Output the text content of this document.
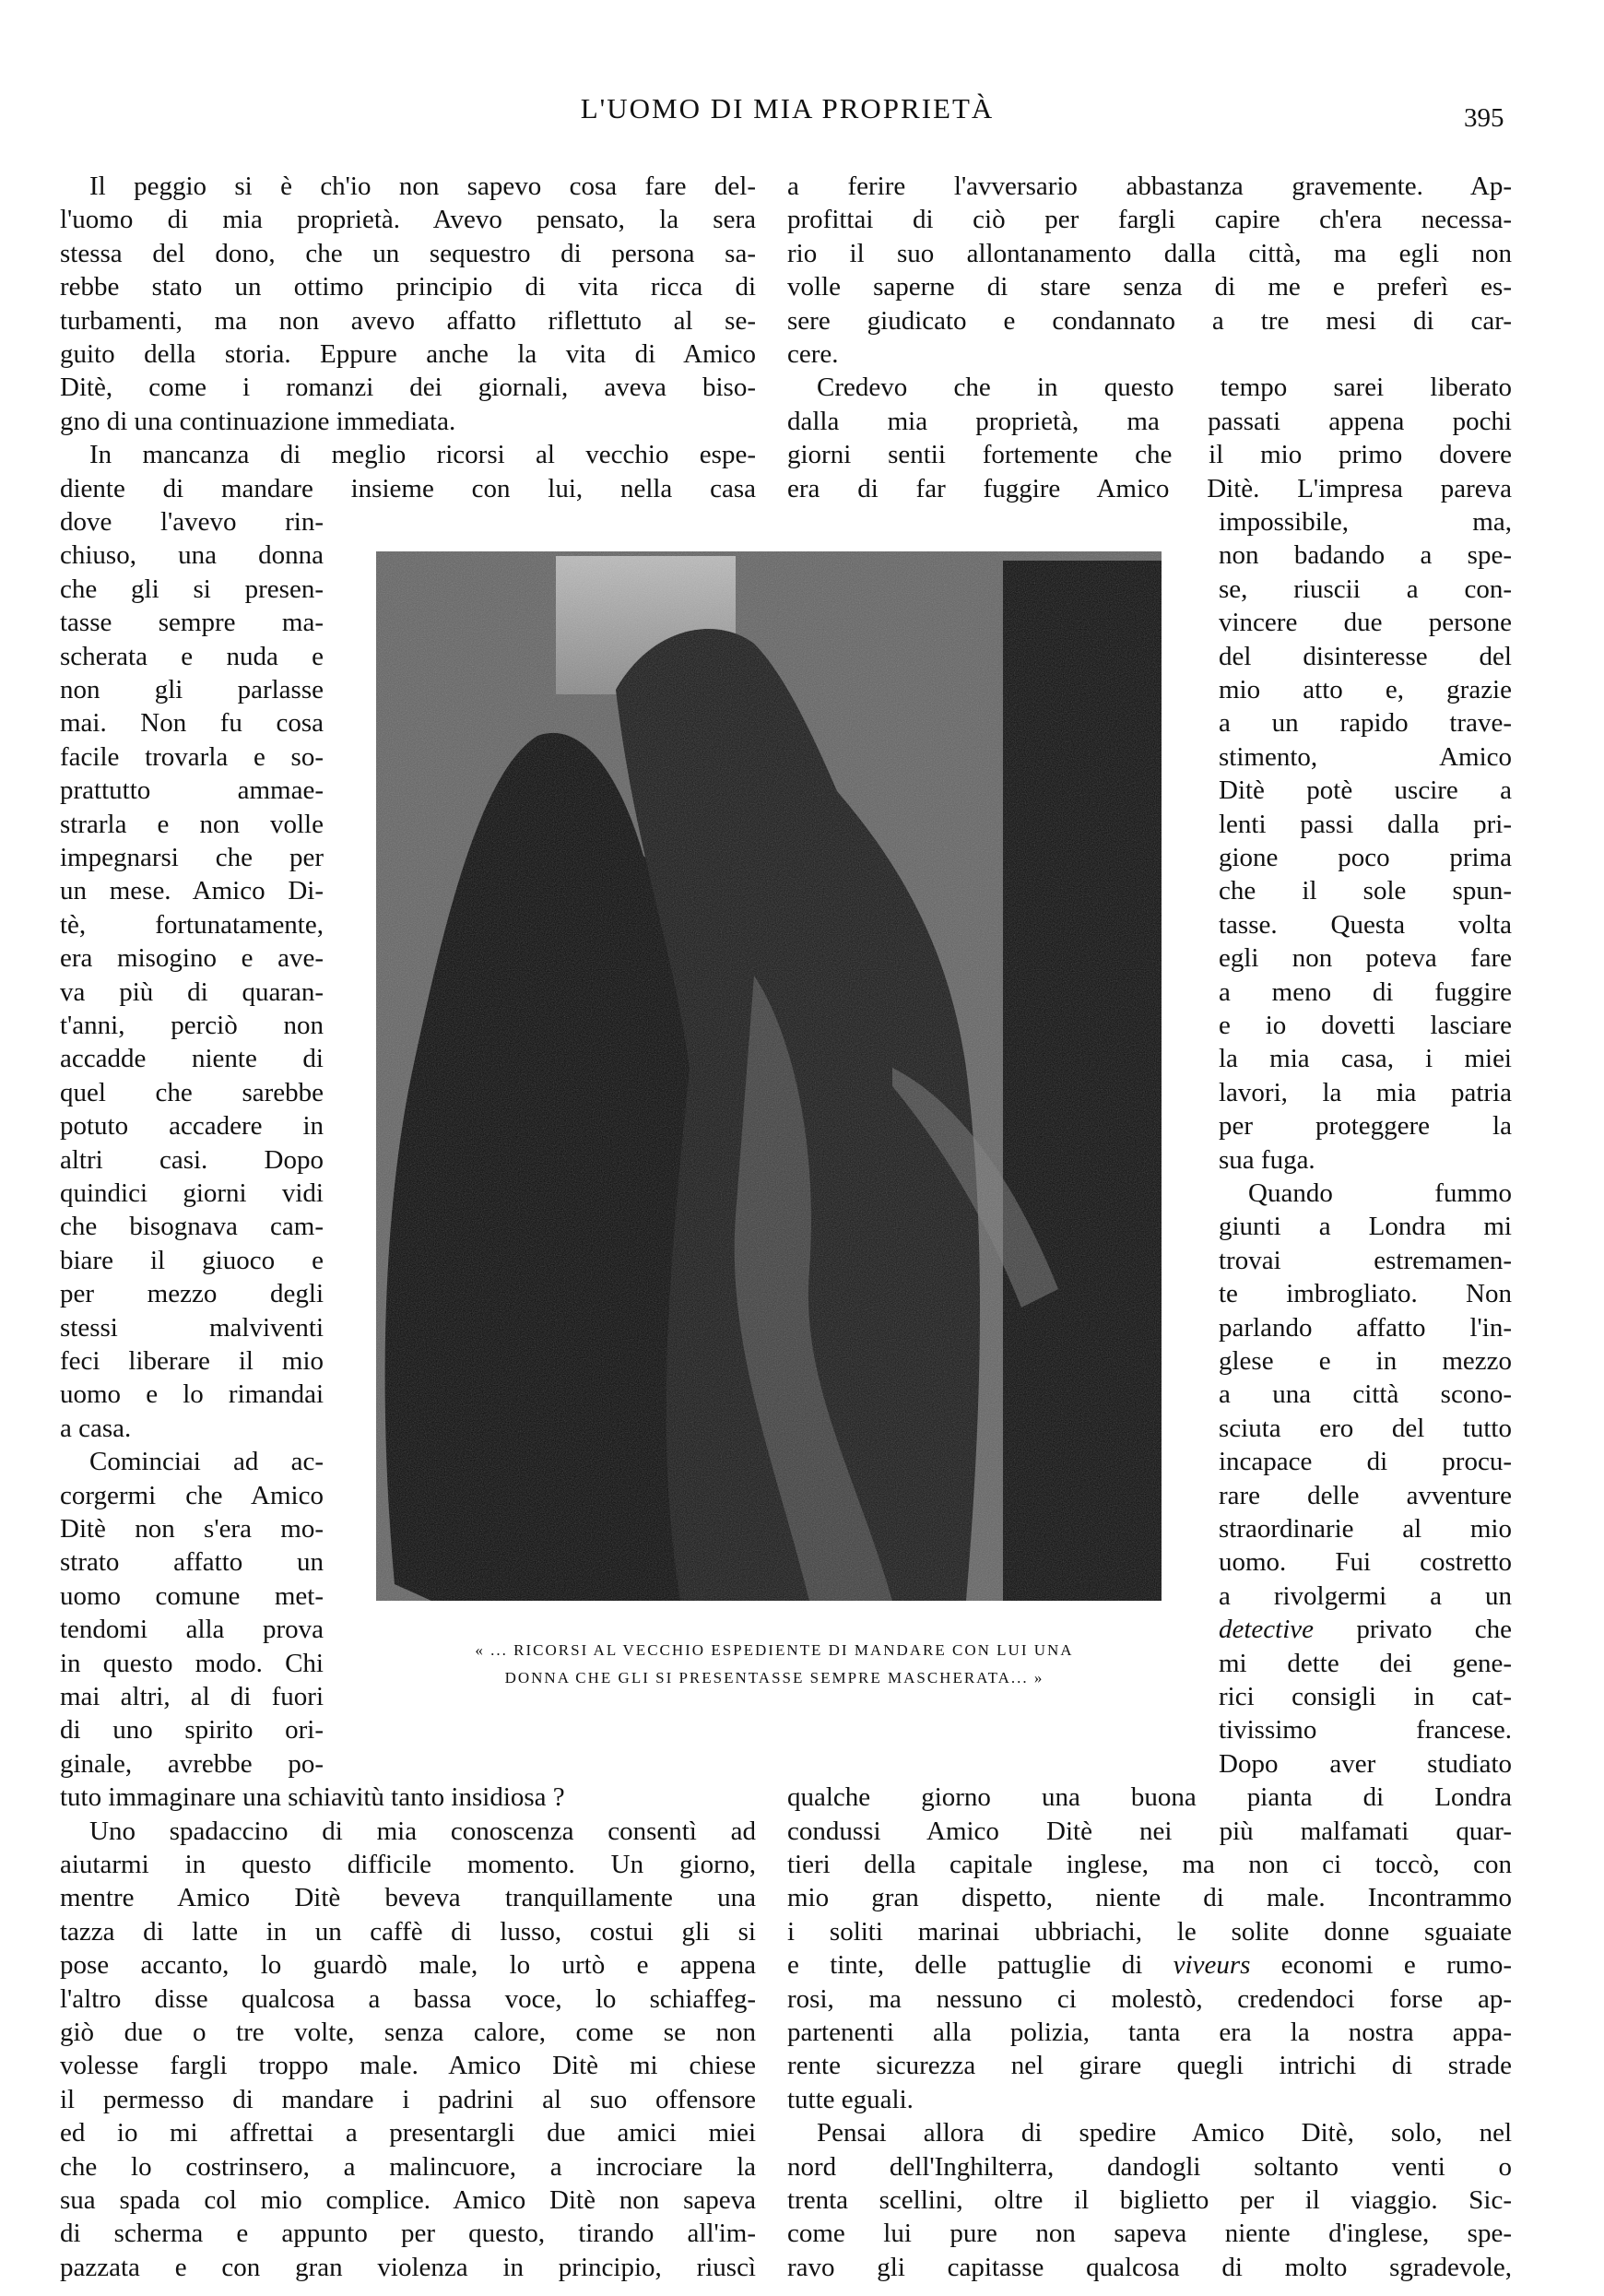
L'UOMO DI MIA PROPRIETÀ	395
Il peggio si è ch'io non sapevo cosa fare del-
l'uomo di mia proprietà. Avevo pensato, la sera
stessa del dono, che un sequestro di persona sa-
rebbe stato un ottimo principio di vita ricca di
turbamenti, ma non avevo affatto riflettuto al se-
guito della storia. Eppure anche la vita di Amico
Ditè, come i romanzi dei giornali, aveva biso-
gno di una continuazione immediata.
In mancanza di meglio ricorsi al vecchio espe-
diente di mandare insieme con lui, nella casa
dove l'avevo rin-
chiuso, una donna
che gli si presen-
tasse sempre ma-
scherata e nuda e
non gli parlasse
mai. Non fu cosa
facile trovarla e so-
prattutto ammae-
strarla e non volle
impegnarsi che per
un mese. Amico Di-
tè, fortunatamente,
era misogino e ave-
va più di quaran-
t'anni, perciò non
accadde niente di
quel che sarebbe
potuto accadere in
altri casi. Dopo
quindici giorni vidi
che bisognava cam-
biare il giuoco e
per mezzo degli
stessi malviventi
feci liberare il mio
uomo e lo rimandai
a casa.
Cominciai ad ac-
corgermi che Amico
Ditè non s'era mo-
strato affatto un
uomo comune met-
tendomi alla prova
in questo modo. Chi
mai altri, al di fuori
di uno spirito ori-
ginale, avrebbe po-
tuto immaginare una schiavitù tanto insidiosa ?
Uno spadaccino di mia conoscenza consentì ad
aiutarmi in questo difficile momento. Un giorno,
mentre Amico Ditè beveva tranquillamente una
tazza di latte in un caffè di lusso, costui gli si
pose accanto, lo guardò male, lo urtò e appena
l'altro disse qualcosa a bassa voce, lo schiaffeg-
giò due o tre volte, senza calore, come se non
volesse fargli troppo male. Amico Ditè mi chiese
il permesso di mandare i padrini al suo offensore
ed io mi affrettai a presentargli due amici miei
che lo costrinsero, a malincuore, a incrociare la
sua spada col mio complice. Amico Ditè non sapeva
di scherma e appunto per questo, tirando all'im-
pazzata e con gran violenza in principio, riuscì
a ferire l'avversario abbastanza gravemente. Ap-
profittai di ciò per fargli capire ch'era necessa-
rio il suo allontanamento dalla città, ma egli non
volle saperne di stare senza di me e preferì es-
sere giudicato e condannato a tre mesi di car-
cere.
Credevo che in questo tempo sarei liberato
dalla mia proprietà, ma passati appena pochi
giorni sentii fortemente che il mio primo dovere
era di far fuggire Amico Ditè. L'impresa pareva
impossibile, ma,
non badando a spe-
se, riuscii a con-
vincere due persone
del disinteresse del
mio atto e, grazie
a un rapido trave-
stimento, Amico
Ditè potè uscire a
lenti passi dalla pri-
gione poco prima
che il sole spun-
tasse. Questa volta
egli non poteva fare
a meno di fuggire
e io dovetti lasciare
la mia casa, i miei
lavori, la mia patria
per proteggere la
sua fuga.
Quando fummo
giunti a Londra mi
trovai estremamen-
te imbrogliato. Non
parlando affatto l'in-
glese e in mezzo
a una città scono-
sciuta ero del tutto
incapace di procu-
rare delle avventure
straordinarie al mio
uomo. Fui costretto
a rivolgermi a un
detective privato che
mi dette dei gene-
rici consigli in cat-
tivissimo francese.
Dopo aver studiato
qualche giorno una buona pianta di Londra
condussi Amico Ditè nei più malfamati quar-
tieri della capitale inglese, ma non ci toccò, con
mio gran dispetto, niente di male. Incontrammo
i soliti marinai ubbriachi, le solite donne sguaiate
e tinte, delle pattuglie di viveurs economi e rumo-
rosi, ma nessuno ci molestò, credendoci forse ap-
partenenti alla polizia, tanta era la nostra appa-
rente sicurezza nel girare quegli intrichi di strade
tutte eguali.
Pensai allora di spedire Amico Ditè, solo, nel
nord dell'Inghilterra, dandogli soltanto venti o
trenta scellini, oltre il biglietto per il viaggio. Sic-
come lui pure non sapeva niente d'inglese, spe-
ravo gli capitasse qualcosa di molto sgradevole,
« ... RICORSI AL VECCHIO ESPEDIENTE DI MANDARE CON LUI UNA
DONNA CHE GLI SI PRESENTASSE SEMPRE MASCHERATA... »
